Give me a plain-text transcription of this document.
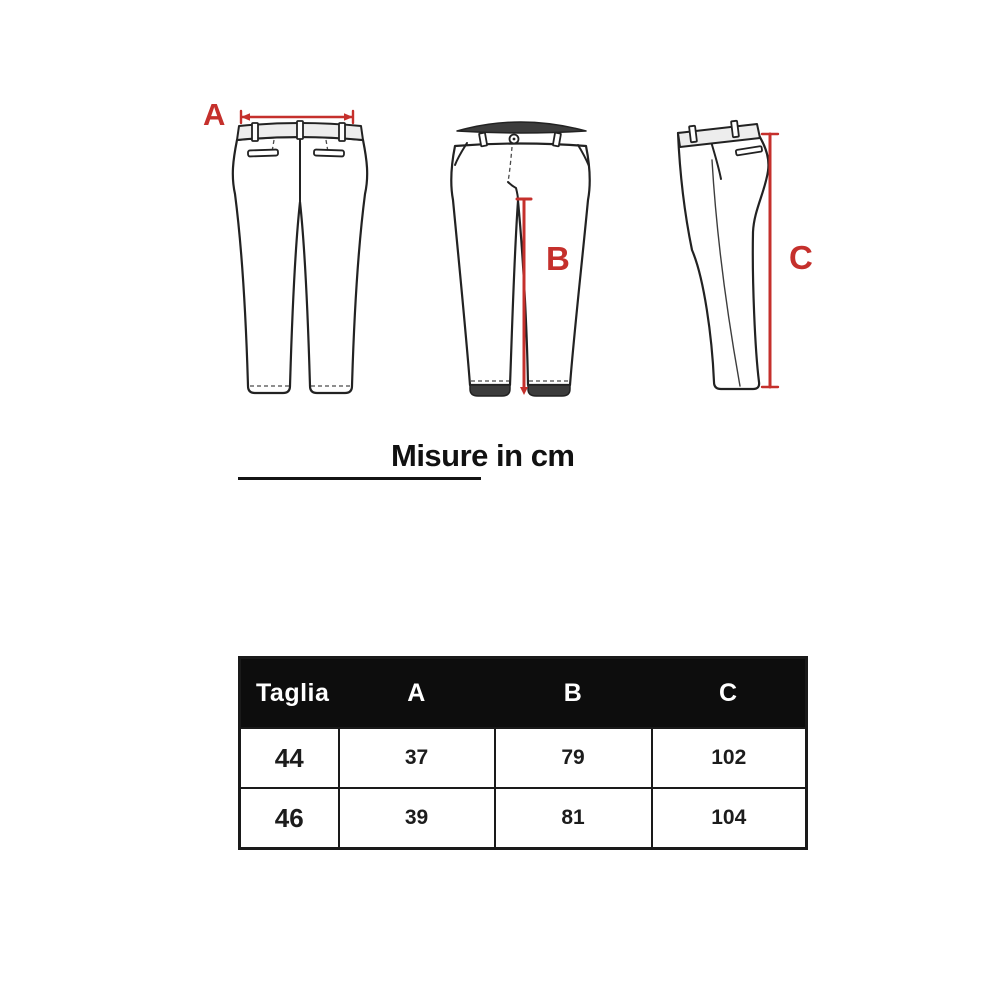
A
B	C
Misure in cm
Taglia	A	B	C
44	37	79	102
46	39	81	104
